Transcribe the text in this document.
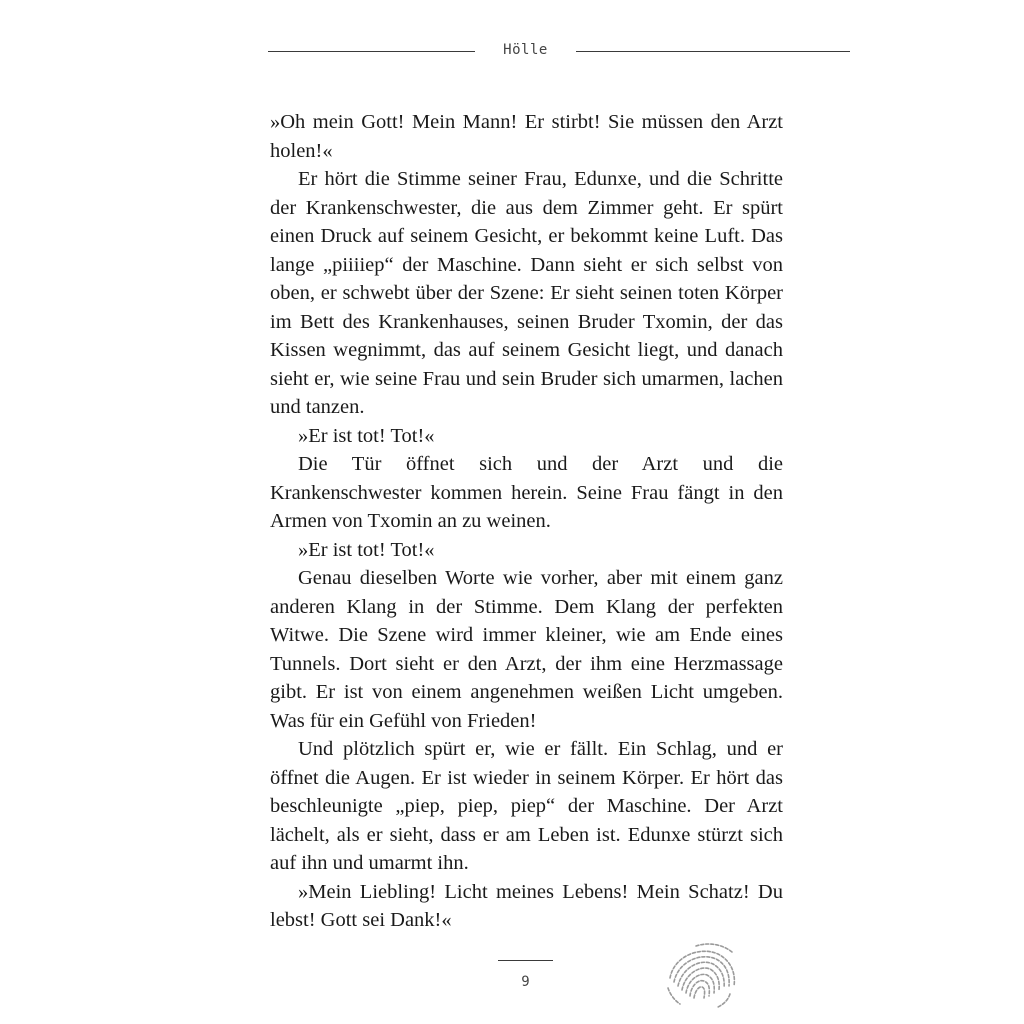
Hölle

»Oh mein Gott! Mein Mann! Er stirbt! Sie müssen den Arzt holen!«

Er hört die Stimme seiner Frau, Edunxe, und die Schritte der Krankenschwester, die aus dem Zimmer geht. Er spürt einen Druck auf seinem Gesicht, er bekommt keine Luft. Das lange „piiiiep“ der Maschine. Dann sieht er sich selbst von oben, er schwebt über der Szene: Er sieht seinen toten Körper im Bett des Krankenhauses, seinen Bruder Txomin, der das Kissen wegnimmt, das auf seinem Gesicht liegt, und danach sieht er, wie seine Frau und sein Bruder sich umarmen, lachen und tanzen.

»Er ist tot! Tot!«

Die Tür öffnet sich und der Arzt und die Krankenschwester kommen herein. Seine Frau fängt in den Armen von Txomin an zu weinen.

»Er ist tot! Tot!«

Genau dieselben Worte wie vorher, aber mit einem ganz anderen Klang in der Stimme. Dem Klang der perfekten Witwe. Die Szene wird immer kleiner, wie am Ende eines Tunnels. Dort sieht er den Arzt, der ihm eine Herzmassage gibt. Er ist von einem angenehmen weißen Licht umgeben. Was für ein Gefühl von Frieden!

Und plötzlich spürt er, wie er fällt. Ein Schlag, und er öffnet die Augen. Er ist wieder in seinem Körper. Er hört das beschleunigte „piep, piep, piep“ der Maschine. Der Arzt lächelt, als er sieht, dass er am Leben ist. Edunxe stürzt sich auf ihn und umarmt ihn.

»Mein Liebling! Licht meines Lebens! Mein Schatz! Du lebst! Gott sei Dank!«

9
